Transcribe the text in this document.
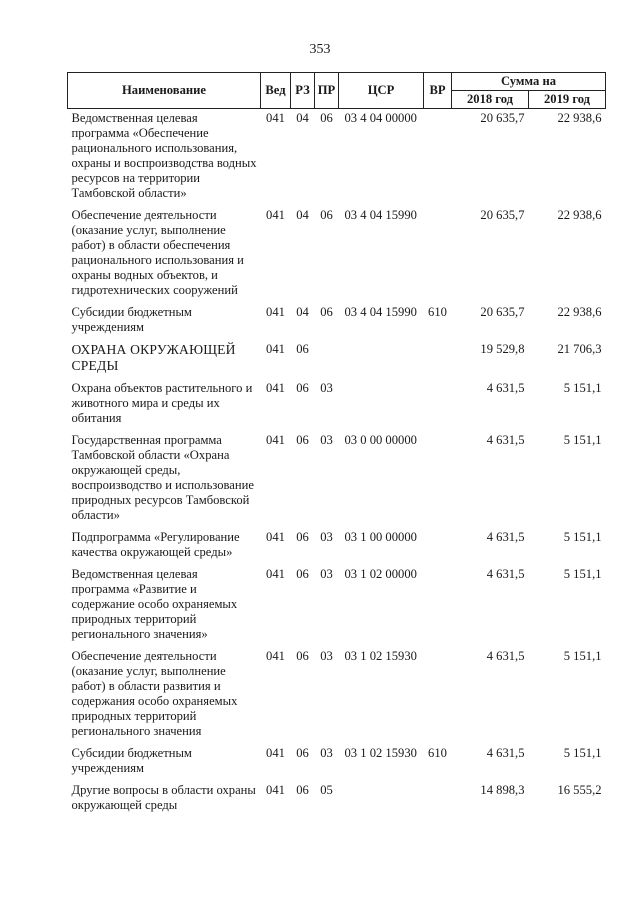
353
Наименование	Вед	РЗ	ПР	ЦСР	ВР	Сумма на	
						2018 год	2019 год
Ведомственная целевая программа «Обеспечение рационального использования, охраны и воспроизводства водных ресурсов на территории Тамбовской области»	041	04	06	03 4 04 00000		20 635,7	22 938,6
Обеспечение деятельности (оказание услуг, выполнение работ) в области обеспечения рационального использования и охраны водных объектов, и гидротехнических сооружений	041	04	06	03 4 04 15990		20 635,7	22 938,6
Субсидии бюджетным учреждениям	041	04	06	03 4 04 15990	610	20 635,7	22 938,6
ОХРАНА ОКРУЖАЮЩЕЙ СРЕДЫ	041	06				19 529,8	21 706,3
Охрана объектов растительного и животного мира и среды их обитания	041	06	03			4 631,5	5 151,1
Государственная программа Тамбовской области «Охрана окружающей среды, воспроизводство и использование природных ресурсов Тамбовской области»	041	06	03	03 0 00 00000		4 631,5	5 151,1
Подпрограмма «Регулирование качества окружающей среды»	041	06	03	03 1 00 00000		4 631,5	5 151,1
Ведомственная целевая программа «Развитие и содержание особо охраняемых природных территорий регионального значения»	041	06	03	03 1 02 00000		4 631,5	5 151,1
Обеспечение деятельности (оказание услуг, выполнение работ) в области развития и содержания особо охраняемых природных территорий регионального значения	041	06	03	03 1 02 15930		4 631,5	5 151,1
Субсидии бюджетным учреждениям	041	06	03	03 1 02 15930	610	4 631,5	5 151,1
Другие вопросы в области охраны окружающей среды	041	06	05			14 898,3	16 555,2
